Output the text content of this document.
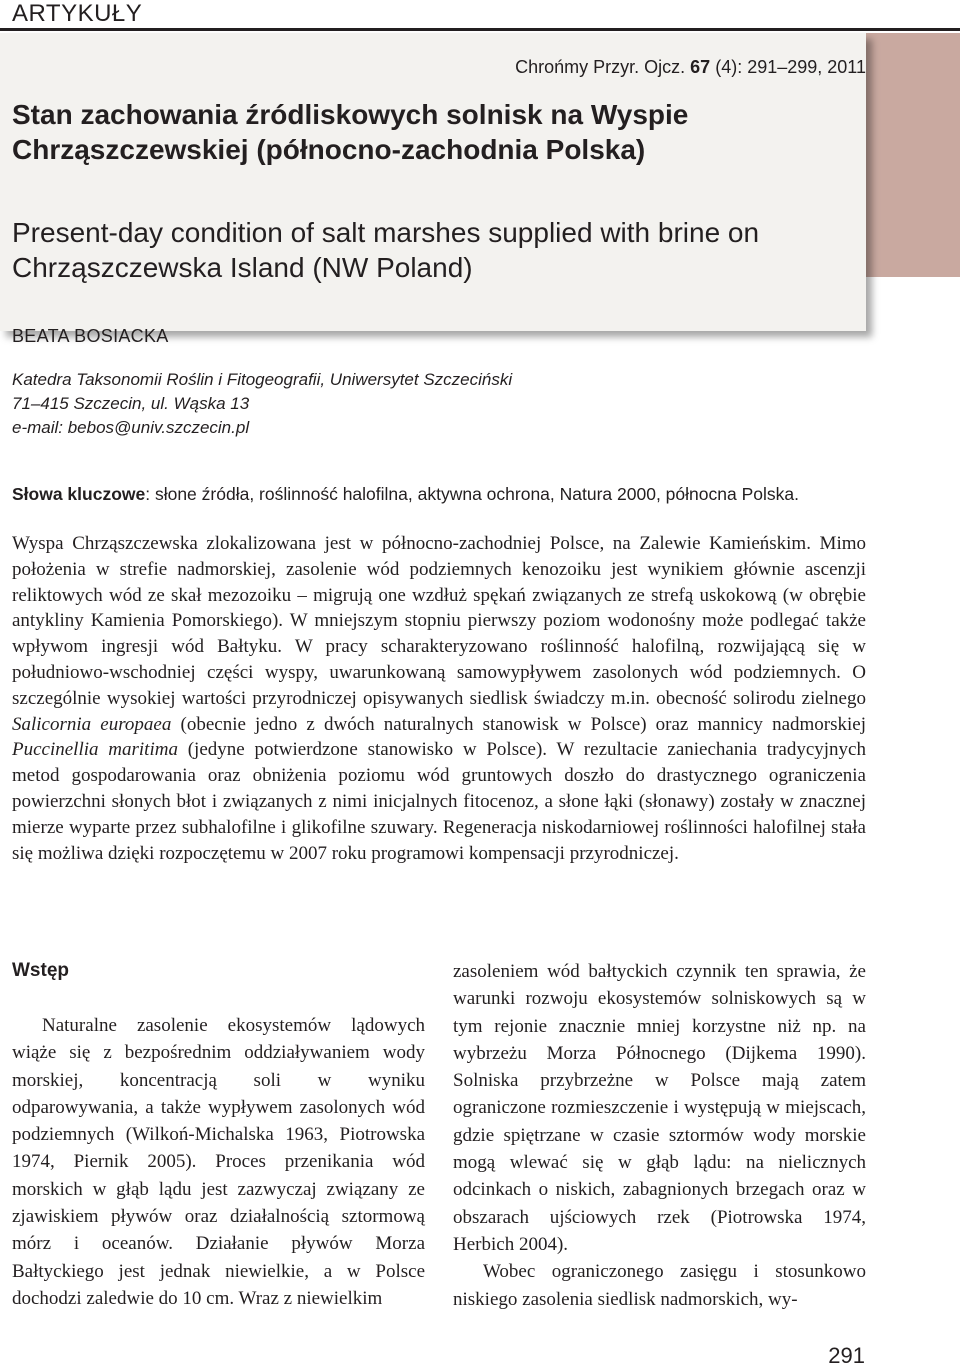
ARTYKUŁY
Chrońmy Przyr. Ojcz. 67 (4): 291–299, 2011
Stan zachowania źródliskowych solnisk na Wyspie Chrząszczewskiej (północno-zachodnia Polska)
Present-day condition of salt marshes supplied with brine on Chrząszczewska Island (NW Poland)
BEATA BOSIACKA
Katedra Taksonomii Roślin i Fitogeografii, Uniwersytet Szczeciński
71–415 Szczecin, ul. Wąska 13
e-mail: bebos@univ.szczecin.pl
Słowa kluczowe: słone źródła, roślinność halofilna, aktywna ochrona, Natura 2000, północna Polska.

Wyspa Chrząszczewska zlokalizowana jest w północno-zachodniej Polsce, na Zalewie Kamieńskim. Mimo położenia w strefie nadmorskiej, zasolenie wód podziemnych kenozoiku jest wynikiem głównie ascenzji reliktowych wód ze skał mezozoiku – migrują one wzdłuż spękań związanych ze strefą uskokową (w obrębie antykliny Kamienia Pomorskiego). W mniejszym stopniu pierwszy poziom wodonośny może podlegać także wpływom ingresji wód Bałtyku. W pracy scharakteryzowano roślinność halofilną, rozwijającą się w południowo-wschodniej części wyspy, uwarunkowaną samowypływem zasolonych wód podziemnych. O szczególnie wysokiej wartości przyrodniczej opisywanych siedlisk świadczy m.in. obecność solirodu zielnego Salicornia europaea (obecnie jedno z dwóch naturalnych stanowisk w Polsce) oraz mannicy nadmorskiej Puccinellia maritima (jedyne potwierdzone stanowisko w Polsce). W rezultacie zaniechania tradycyjnych metod gospodarowania oraz obniżenia poziomu wód gruntowych doszło do drastycznego ograniczenia powierzchni słonych błot i związanych z nimi inicjalnych fitocenoz, a słone łąki (słonawy) zostały w znacznej mierze wyparte przez subhalofilne i glikofilne szuwary. Regeneracja niskodarniowej roślinności halofilnej stała się możliwa dzięki rozpoczętemu w 2007 roku programowi kompensacji przyrodniczej.

Wstęp

Naturalne zasolenie ekosystemów lądowych wiąże się z bezpośrednim oddziaływaniem wody morskiej, koncentracją soli w wyniku odparowywania, a także wypływem zasolonych wód podziemnych (Wilkoń-Michalska 1963, Piotrowska 1974, Piernik 2005). Proces przenikania wód morskich w głąb lądu jest zazwyczaj związany ze zjawiskiem pływów oraz działalnością sztormową mórz i oceanów. Działanie pływów Morza Bałtyckiego jest jednak niewielkie, a w Polsce dochodzi zaledwie do 10 cm. Wraz z niewielkim

zasoleniem wód bałtyckich czynnik ten sprawia, że warunki rozwoju ekosystemów solniskowych są w tym rejonie znacznie mniej korzystne niż np. na wybrzeżu Morza Północnego (Dijkema 1990). Solniska przybrzeżne w Polsce mają zatem ograniczone rozmieszczenie i występują w miejscach, gdzie spiętrzane w czasie sztormów wody morskie mogą wlewać się w głąb lądu: na nielicznych odcinkach o niskich, zabagnionych brzegach oraz w obszarach ujściowych rzek (Piotrowska 1974, Herbich 2004).

Wobec ograniczonego zasięgu i stosunkowo niskiego zasolenia siedlisk nadmorskich, wy-

291
